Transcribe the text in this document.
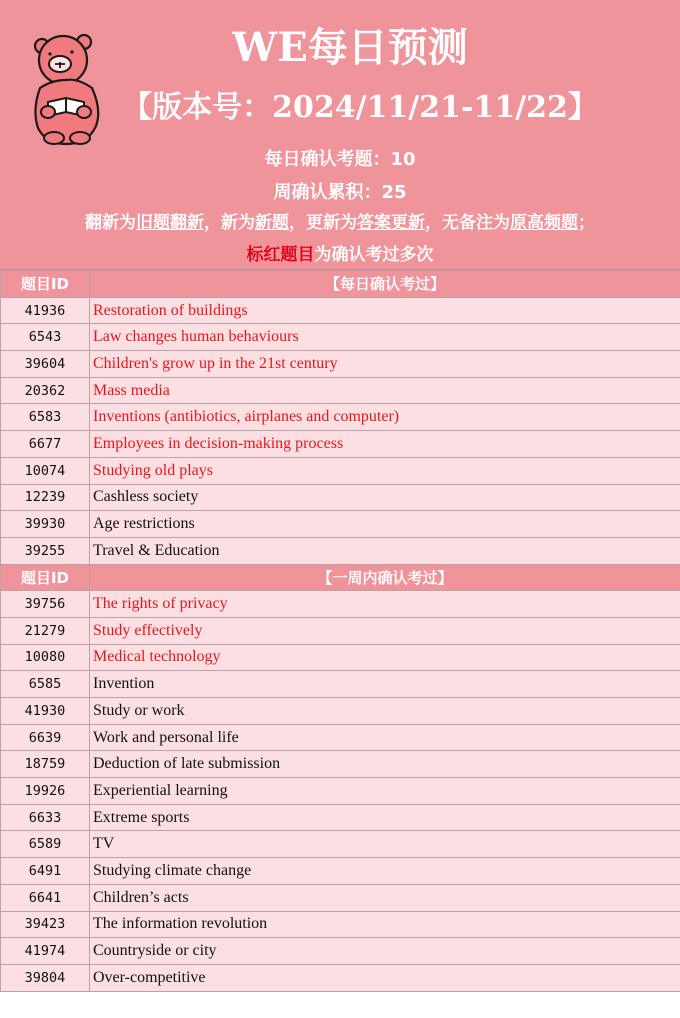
WE每日预测
【版本号：2024/11/21-11/22】
每日确认考题：10
周确认累积：25
翻新为旧题翻新，新为新题，更新为答案更新，无备注为原高频题；
标红题目为确认考过多次
题目ID	【每日确认考过】
41936	Restoration of buildings
6543	Law changes human behaviours
39604	Children's grow up in the 21st century
20362	Mass media
6583	Inventions (antibiotics, airplanes and computer)
6677	Employees in decision-making process
10074	Studying old plays
12239	Cashless society
39930	Age restrictions
39255	Travel & Education
题目ID	【一周内确认考过】
39756	The rights of privacy
21279	Study effectively
10080	Medical technology
6585	Invention
41930	Study or work
6639	Work and personal life
18759	Deduction of late submission
19926	Experiential learning
6633	Extreme sports
6589	TV
6491	Studying climate change
6641	Children’s acts
39423	The information revolution
41974	Countryside or city
39804	Over-competitive
